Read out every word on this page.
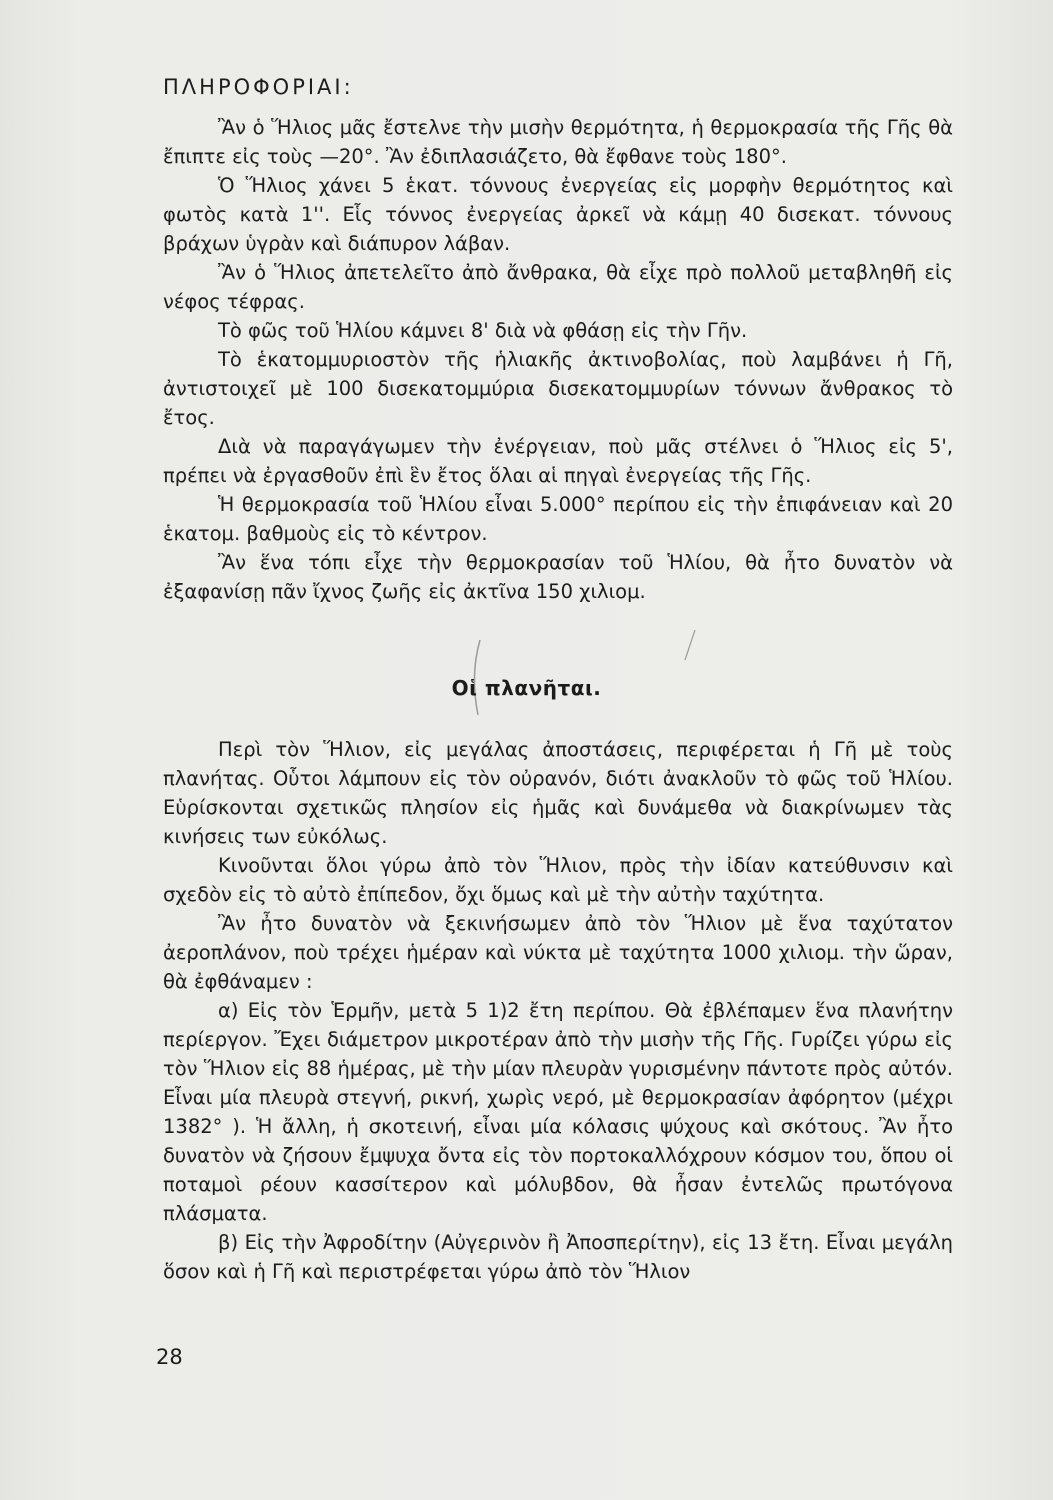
ΠΛΗΡΟΦΟΡΙΑΙ:

Ἂν ὁ Ἥλιος μᾶς ἔστελνε τὴν μισὴν θερμότητα, ἡ θερμοκρασία τῆς Γῆς θὰ ἔπιπτε εἰς τοὺς —20°. Ἂν ἐδιπλασιάζετο, θὰ ἔφθανε τοὺς 180°.

Ὁ Ἥλιος χάνει 5 ἑκατ. τόννους ἐνεργείας εἰς μορφὴν θερμότητος καὶ φωτὸς κατὰ 1''. Εἷς τόννος ἐνεργείας ἀρκεῖ νὰ κάμῃ 40 δισεκατ. τόννους βράχων ὑγρὰν καὶ διάπυρον λάβαν.

Ἂν ὁ Ἥλιος ἀπετελεῖτο ἀπὸ ἄνθρακα, θὰ εἶχε πρὸ πολλοῦ μεταβληθῆ εἰς νέφος τέφρας.

Τὸ φῶς τοῦ Ἡλίου κάμνει 8' διὰ νὰ φθάσῃ εἰς τὴν Γῆν.

Τὸ ἑκατομμυριοστὸν τῆς ἡλιακῆς ἀκτινοβολίας, ποὺ λαμβάνει ἡ Γῆ, ἀντιστοιχεῖ μὲ 100 δισεκατομμύρια δισεκατομμυρίων τόννων ἄνθρακος τὸ ἔτος.

Διὰ νὰ παραγάγωμεν τὴν ἐνέργειαν, ποὺ μᾶς στέλνει ὁ Ἥλιος εἰς 5', πρέπει νὰ ἐργασθοῦν ἐπὶ ἓν ἔτος ὅλαι αἱ πηγαὶ ἐνεργείας τῆς Γῆς.

Ἡ θερμοκρασία τοῦ Ἡλίου εἶναι 5.000° περίπου εἰς τὴν ἐπιφάνειαν καὶ 20 ἑκατομ. βαθμοὺς εἰς τὸ κέντρον.

Ἂν ἕνα τόπι εἶχε τὴν θερμοκρασίαν τοῦ Ἡλίου, θὰ ἦτο δυνατὸν νὰ ἐξαφανίσῃ πᾶν ἴχνος ζωῆς εἰς ἀκτῖνα 150 χιλιομ.

Οἱ πλανῆται.

Περὶ τὸν Ἥλιον, εἰς μεγάλας ἀποστάσεις, περιφέρεται ἡ Γῆ μὲ τοὺς πλανήτας. Οὗτοι λάμπουν εἰς τὸν οὐρανόν, διότι ἀνακλοῦν τὸ φῶς τοῦ Ἡλίου. Εὑρίσκονται σχετικῶς πλησίον εἰς ἡμᾶς καὶ δυνάμεθα νὰ διακρίνωμεν τὰς κινήσεις των εὐκόλως.

Κινοῦνται ὅλοι γύρω ἀπὸ τὸν Ἥλιον, πρὸς τὴν ἰδίαν κατεύθυνσιν καὶ σχεδὸν εἰς τὸ αὐτὸ ἐπίπεδον, ὄχι ὅμως καὶ μὲ τὴν αὐτὴν ταχύτητα.

Ἂν ἦτο δυνατὸν νὰ ξεκινήσωμεν ἀπὸ τὸν Ἥλιον μὲ ἕνα ταχύτατον ἀεροπλάνον, ποὺ τρέχει ἡμέραν καὶ νύκτα μὲ ταχύτητα 1000 χιλιομ. τὴν ὥραν, θὰ ἐφθάναμεν :

α) Εἰς τὸν Ἑρμῆν, μετὰ 5 1)2 ἔτη περίπου. Θὰ ἐβλέπαμεν ἕνα πλανήτην περίεργον. Ἔχει διάμετρον μικροτέραν ἀπὸ τὴν μισὴν τῆς Γῆς. Γυρίζει γύρω εἰς τὸν Ἥλιον εἰς 88 ἡμέρας, μὲ τὴν μίαν πλευρὰν γυρισμένην πάντοτε πρὸς αὐτόν. Εἶναι μία πλευρὰ στεγνή, ρικνή, χωρὶς νερό, μὲ θερμοκρασίαν ἀφόρητον (μέχρι 1382° ). Ἡ ἄλλη, ἡ σκοτεινή, εἶναι μία κόλασις ψύχους καὶ σκότους. Ἂν ἦτο δυνατὸν νὰ ζήσουν ἔμψυχα ὄντα εἰς τὸν πορτοκαλλόχρουν κόσμον του, ὅπου οἱ ποταμοὶ ρέουν κασσίτερον καὶ μόλυβδον, θὰ ἦσαν ἐντελῶς πρωτόγονα πλάσματα.

β) Εἰς τὴν Ἀφροδίτην (Αὐγερινὸν ἢ Ἀποσπερίτην), εἰς 13 ἔτη. Εἶναι μεγάλη ὅσον καὶ ἡ Γῆ καὶ περιστρέφεται γύρω ἀπὸ τὸν Ἥλιον

28
